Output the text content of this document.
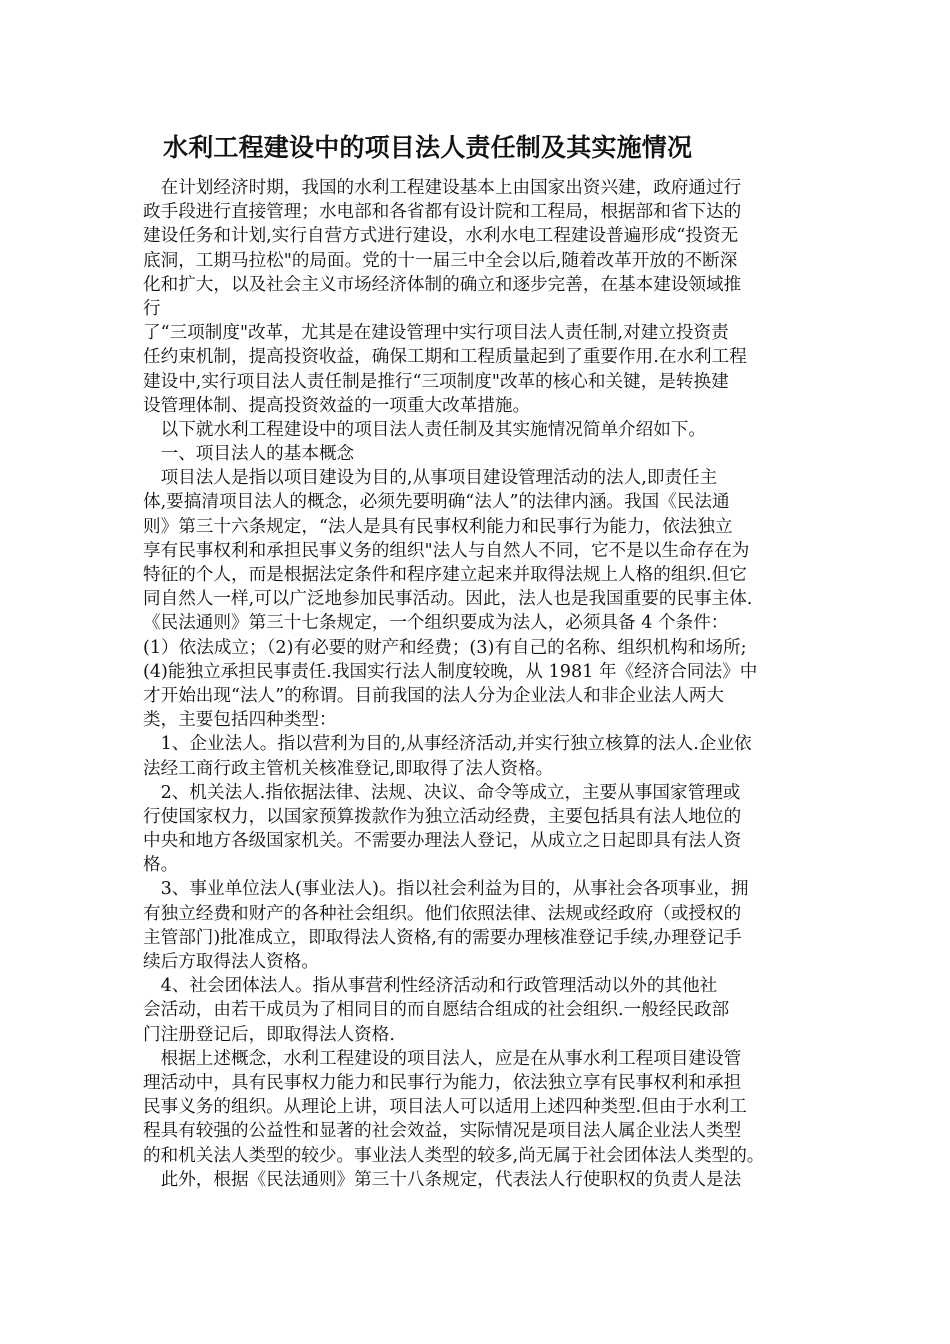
水利工程建设中的项目法人责任制及其实施情况
　在计划经济时期，我国的水利工程建设基本上由国家出资兴建，政府通过行
政手段进行直接管理；水电部和各省都有设计院和工程局，根据部和省下达的
建设任务和计划,实行自营方式进行建设，水利水电工程建设普遍形成“投资无
底洞，工期马拉松"的局面。党的十一届三中全会以后,随着改革开放的不断深
化和扩大，以及社会主义市场经济体制的确立和逐步完善，在基本建设领域推
行
了“三项制度"改革，尤其是在建设管理中实行项目法人责任制,对建立投资责
任约束机制，提高投资收益，确保工期和工程质量起到了重要作用.在水利工程
建设中,实行项目法人责任制是推行“三项制度"改革的核心和关键，是转换建
设管理体制、提高投资效益的一项重大改革措施。
　以下就水利工程建设中的项目法人责任制及其实施情况简单介绍如下。
　一、项目法人的基本概念
　项目法人是指以项目建设为目的,从事项目建设管理活动的法人,即责任主
体,要搞清项目法人的概念，必须先要明确“法人”的法律内涵。我国《民法通
则》第三十六条规定，“法人是具有民事权利能力和民事行为能力，依法独立
享有民事权利和承担民事义务的组织"法人与自然人不同，它不是以生命存在为
特征的个人，而是根据法定条件和程序建立起来并取得法规上人格的组织.但它
同自然人一样,可以广泛地参加民事活动。因此，法人也是我国重要的民事主体.
《民法通则》第三十七条规定，一个组织要成为法人，必须具备 4 个条件：
(1）依法成立；（2)有必要的财产和经费；(3)有自己的名称、组织机构和场所;
(4)能独立承担民事责任.我国实行法人制度较晚，从 1981 年《经济合同法》中
才开始出现“法人”的称谓。目前我国的法人分为企业法人和非企业法人两大
类，主要包括四种类型：
　1、企业法人。指以营利为目的,从事经济活动,并实行独立核算的法人.企业依
法经工商行政主管机关核准登记,即取得了法人资格。
　2、机关法人.指依据法律、法规、决议、命令等成立，主要从事国家管理或
行使国家权力，以国家预算拨款作为独立活动经费，主要包括具有法人地位的
中央和地方各级国家机关。不需要办理法人登记，从成立之日起即具有法人资
格。
　3、事业单位法人(事业法人)。指以社会利益为目的，从事社会各项事业，拥
有独立经费和财产的各种社会组织。他们依照法律、法规或经政府（或授权的
主管部门)批准成立，即取得法人资格,有的需要办理核准登记手续,办理登记手
续后方取得法人资格。
　4、社会团体法人。指从事营利性经济活动和行政管理活动以外的其他社
会活动，由若干成员为了相同目的而自愿结合组成的社会组织.一般经民政部
门注册登记后，即取得法人资格.
　根据上述概念，水利工程建设的项目法人，应是在从事水利工程项目建设管
理活动中，具有民事权力能力和民事行为能力，依法独立享有民事权利和承担
民事义务的组织。从理论上讲，项目法人可以适用上述四种类型.但由于水利工
程具有较强的公益性和显著的社会效益，实际情况是项目法人属企业法人类型
的和机关法人类型的较少。事业法人类型的较多,尚无属于社会团体法人类型的。
　此外，根据《民法通则》第三十八条规定，代表法人行使职权的负责人是法
